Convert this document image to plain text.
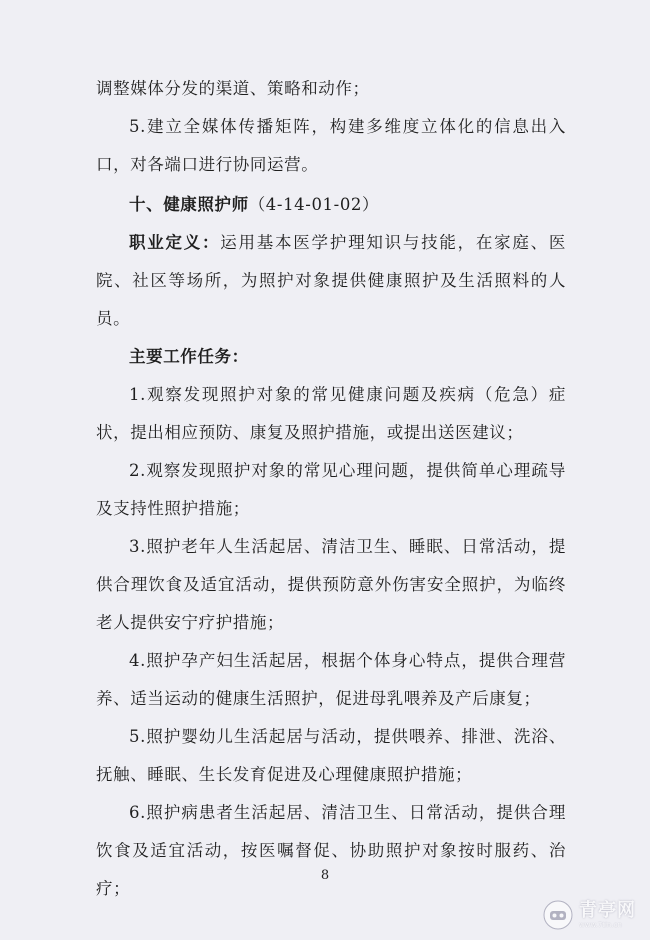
调整媒体分发的渠道、策略和动作；

5.建立全媒体传播矩阵，构建多维度立体化的信息出入口，对各端口进行协同运营。

十、健康照护师（4-14-01-02）

职业定义：运用基本医学护理知识与技能，在家庭、医院、社区等场所，为照护对象提供健康照护及生活照料的人员。

主要工作任务：

1.观察发现照护对象的常见健康问题及疾病（危急）症状，提出相应预防、康复及照护措施，或提出送医建议；

2.观察发现照护对象的常见心理问题，提供简单心理疏导及支持性照护措施；

3.照护老年人生活起居、清洁卫生、睡眠、日常活动，提供合理饮食及适宜活动，提供预防意外伤害安全照护，为临终老人提供安宁疗护措施；

4.照护孕产妇生活起居，根据个体身心特点，提供合理营养、适当运动的健康生活照护，促进母乳喂养及产后康复；

5.照护婴幼儿生活起居与活动，提供喂养、排泄、洗浴、抚触、睡眠、生长发育促进及心理健康照护措施；

6.照护病患者生活起居、清洁卫生、日常活动，提供合理饮食及适宜活动，按医嘱督促、协助照护对象按时服药、治疗；

8
青亭网
www.7tin.cn
